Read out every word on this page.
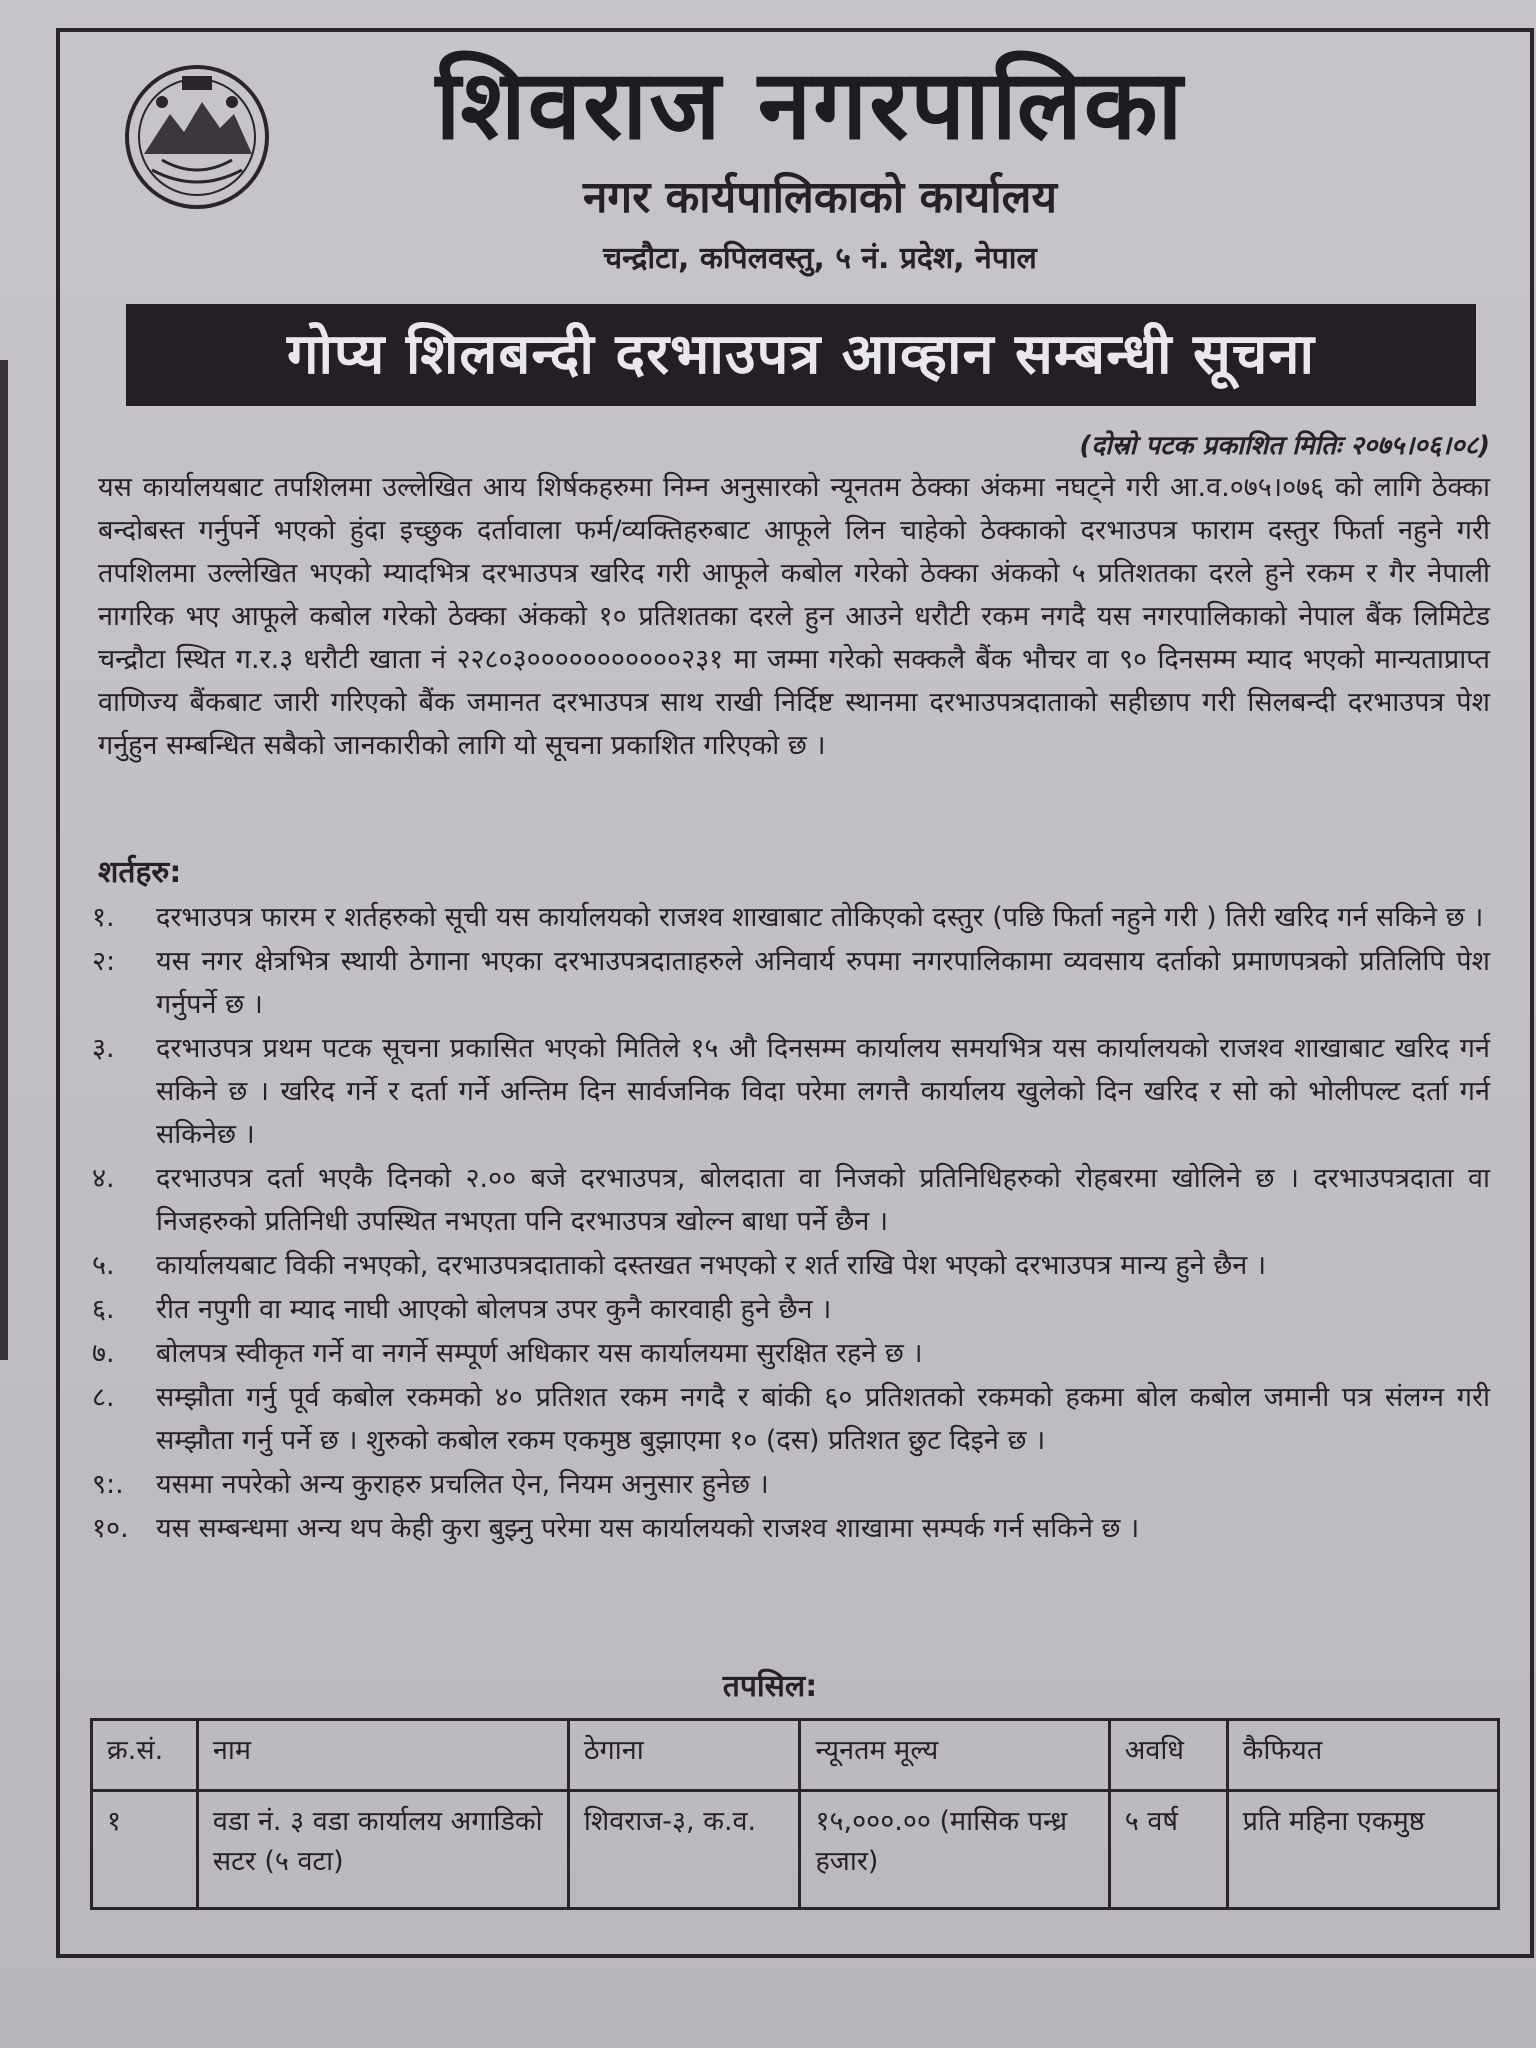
शिवराज नगरपालिका
नगर कार्यपालिकाको कार्यालय
चन्द्रौटा, कपिलवस्तु, ५ नं. प्रदेश, नेपाल
गोप्य शिलबन्दी दरभाउपत्र आव्हान सम्बन्धी सूचना
(दोस्रो पटक प्रकाशित मितिः २०७५।०६।०८)
यस कार्यालयबाट तपशिलमा उल्लेखित आय शिर्षकहरुमा निम्न अनुसारको न्यूनतम ठेक्का अंकमा नघट्ने गरी आ.व.०७५।०७६ को लागि ठेक्का बन्दोबस्त गर्नुपर्ने भएको हुंदा इच्छुक दर्तावाला फर्म/व्यक्तिहरुबाट आफूले लिन चाहेको ठेक्काको दरभाउपत्र फाराम दस्तुर फिर्ता नहुने गरी तपशिलमा उल्लेखित भएको म्यादभित्र दरभाउपत्र खरिद गरी आफूले कबोल गरेको ठेक्का अंकको ५ प्रतिशतका दरले हुने रकम र गैर नेपाली नागरिक भए आफूले कबोल गरेको ठेक्का अंकको १० प्रतिशतका दरले हुन आउने धरौटी रकम नगदै यस नगरपालिकाको नेपाल बैंक लिमिटेड चन्द्रौटा स्थित ग.र.३ धरौटी खाता नं २२८०३०००००००००००२३१ मा जम्मा गरेको सक्कलै बैंक भौचर वा ९० दिनसम्म म्याद भएको मान्यताप्राप्त वाणिज्य बैंकबाट जारी गरिएको बैंक जमानत दरभाउपत्र साथ राखी निर्दिष्ट स्थानमा दरभाउपत्रदाताको सहीछाप गरी सिलबन्दी दरभाउपत्र पेश गर्नुहुन सम्बन्धित सबैको जानकारीको लागि यो सूचना प्रकाशित गरिएको छ ।
शर्तहरु:
१.	दरभाउपत्र फारम र शर्तहरुको सूची यस कार्यालयको राजश्व शाखाबाट तोकिएको दस्तुर (पछि फिर्ता नहुने गरी ) तिरी खरिद गर्न सकिने छ ।
२:	यस नगर क्षेत्रभित्र स्थायी ठेगाना भएका दरभाउपत्रदाताहरुले अनिवार्य रुपमा नगरपालिकामा व्यवसाय दर्ताको प्रमाणपत्रको प्रतिलिपि पेश गर्नुपर्ने छ ।
३.	दरभाउपत्र प्रथम पटक सूचना प्रकासित भएको मितिले १५ औ दिनसम्म कार्यालय समयभित्र यस कार्यालयको राजश्व शाखाबाट खरिद गर्न सकिने छ । खरिद गर्ने र दर्ता गर्ने अन्तिम दिन सार्वजनिक विदा परेमा लगत्तै कार्यालय खुलेको दिन खरिद र सो को भोलीपल्ट दर्ता गर्न सकिनेछ ।
४.	दरभाउपत्र दर्ता भएकै दिनको २.०० बजे दरभाउपत्र, बोलदाता वा निजको प्रतिनिधिहरुको रोहबरमा खोलिने छ । दरभाउपत्रदाता वा निजहरुको प्रतिनिधी उपस्थित नभएता पनि दरभाउपत्र खोल्न बाधा पर्ने छैन ।
५.	कार्यालयबाट विकी नभएको, दरभाउपत्रदाताको दस्तखत नभएको र शर्त राखि पेश भएको दरभाउपत्र मान्य हुने छैन ।
६.	रीत नपुगी वा म्याद नाघी आएको बोलपत्र उपर कुनै कारवाही हुने छैन ।
७.	बोलपत्र स्वीकृत गर्ने वा नगर्ने सम्पूर्ण अधिकार यस कार्यालयमा सुरक्षित रहने छ ।
८.	सम्झौता गर्नु पूर्व कबोल रकमको ४० प्रतिशत रकम नगदै र बांकी ६० प्रतिशतको रकमको हकमा बोल कबोल जमानी पत्र संलग्न गरी सम्झौता गर्नु पर्ने छ । शुरुको कबोल रकम एकमुष्ठ बुझाएमा १० (दस) प्रतिशत छुट दिइने छ ।
९:.	यसमा नपरेको अन्य कुराहरु प्रचलित ऐन, नियम अनुसार हुनेछ ।
१०.	यस सम्बन्धमा अन्य थप केही कुरा बुझ्नु परेमा यस कार्यालयको राजश्व शाखामा सम्पर्क गर्न सकिने छ ।
तपसिल:
क्र.सं.	नाम	ठेगाना	न्यूनतम मूल्य	अवधि	कैफियत
१	वडा नं. ३ वडा कार्यालय अगाडिको सटर (५ वटा)	शिवराज-३, क.व.	१५,०००.०० (मासिक पन्ध्र हजार)	५ वर्ष	प्रति महिना एकमुष्ठ
